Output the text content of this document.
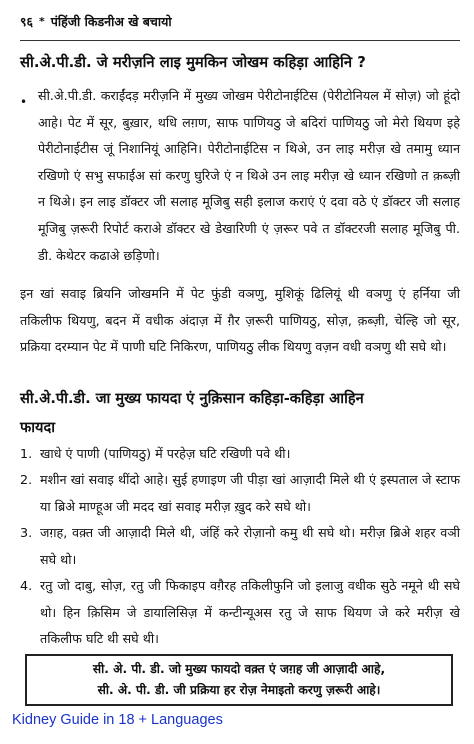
९६ * पंहिंजी किडनीअ खे बचायो
सी.अे.पी.डी. जे मरीज़नि लाइ मुमकिन जोखम कहिड़ा आहिनि ?
• सी.अे.पी.डी. कराईंदड़ मरीज़नि में मुख्य जोखम पेरीटोनाईटिस (पेरीटोनियल में सोज़) जो हूंदो आहे। पेट में सूर, बुख़ार, थधि लग़ण, साफ पाणियठु जे बदिरां पाणियठु जो मेरो थियण इहे पेरीटोनाईटीस जूं निशानियूं आहिनि। पेरीटोनाईटिस न थिअे, उन लाइ मरीज़ खे तमामु ध्यान रखिणो एं सभु सफाईअ सां करणु घुरिजे एं न थिअे उन लाइ मरीज़ खे ध्यान रखिणो त क़ब्ज़ी न थिअे। इन लाइ डॉक्टर जी सलाह मूजिबु सही इलाज कराएं एं दवा वठे एं डॉक्टर जी सलाह मूजिबु ज़रूरी रिपोर्ट कराअे डॉक्टर खे डेखारिणी एं ज़रूर पवे त डॉक्टरजी सलाह मूजिबु पी. डी. केथेटर कढाअे छड़िणो।
इन खां सवाइ ब्रियनि जोखमनि में पेट फुंडी वञणु, मुशिकूं ढिलियूं थी वञणु एं हर्निया जी तकिलीफ थियणु, बदन में वधीक अंदाज़ में ग़ैर ज़रूरी पाणियठु, सोज़, क़ब्ज़ी, चेल्हि जो सूर, प्रक्रिया दरम्यान पेट में पाणी घटि निकिरण, पाणियठु लीक थियणु वज़न वधी वञणु थी सघे थो।
सी.अे.पी.डी. जा मुख्य फायदा एं नुक़िसान कहिड़ा-कहिड़ा आहिन
फायदा
1. खाधे एं पाणी (पाणियठु) में परहेज़ घटि रखिणी पवे थी।
2. मशीन खां सवाइ थींदो आहे। सुई हणाइण जी पीड़ा खां आज़ादी मिले थी एं इस्पताल जे स्टाफ या ब्रिअे माण्हूअ जी मदद खां सवाइ मरीज़ ख़ुद करे सघे थो।
3. जग़ह, वक़्त जी आज़ादी मिले थी, जंहिं करे रोज़ानो कमु थी सघे थो। मरीज़ ब्रिअे शहर वञी सघे थो।
4. रतु जो दाबु, सोज़, रतु जी फिकाइप वग़ैरह तकिलीफुनि जो इलाजु वधीक सुठे नमूने थी सघे थो। हिन क़िसिम जे डायालिसिज़ में कन्टीन्यूअस रतु जे साफ थियण जे करे मरीज़ खे तकिलीफ घटि थी सघे थी।
सी. अे. पी. डी. जो मुख्य फायदो वक़्त एं जग़ह जी आज़ादी आहे,
सी. अे. पी. डी. जी प्रक्रिया हर रोज़ नेमाइतो करणु ज़रूरी आहे।
Kidney Guide in 18 + Languages
